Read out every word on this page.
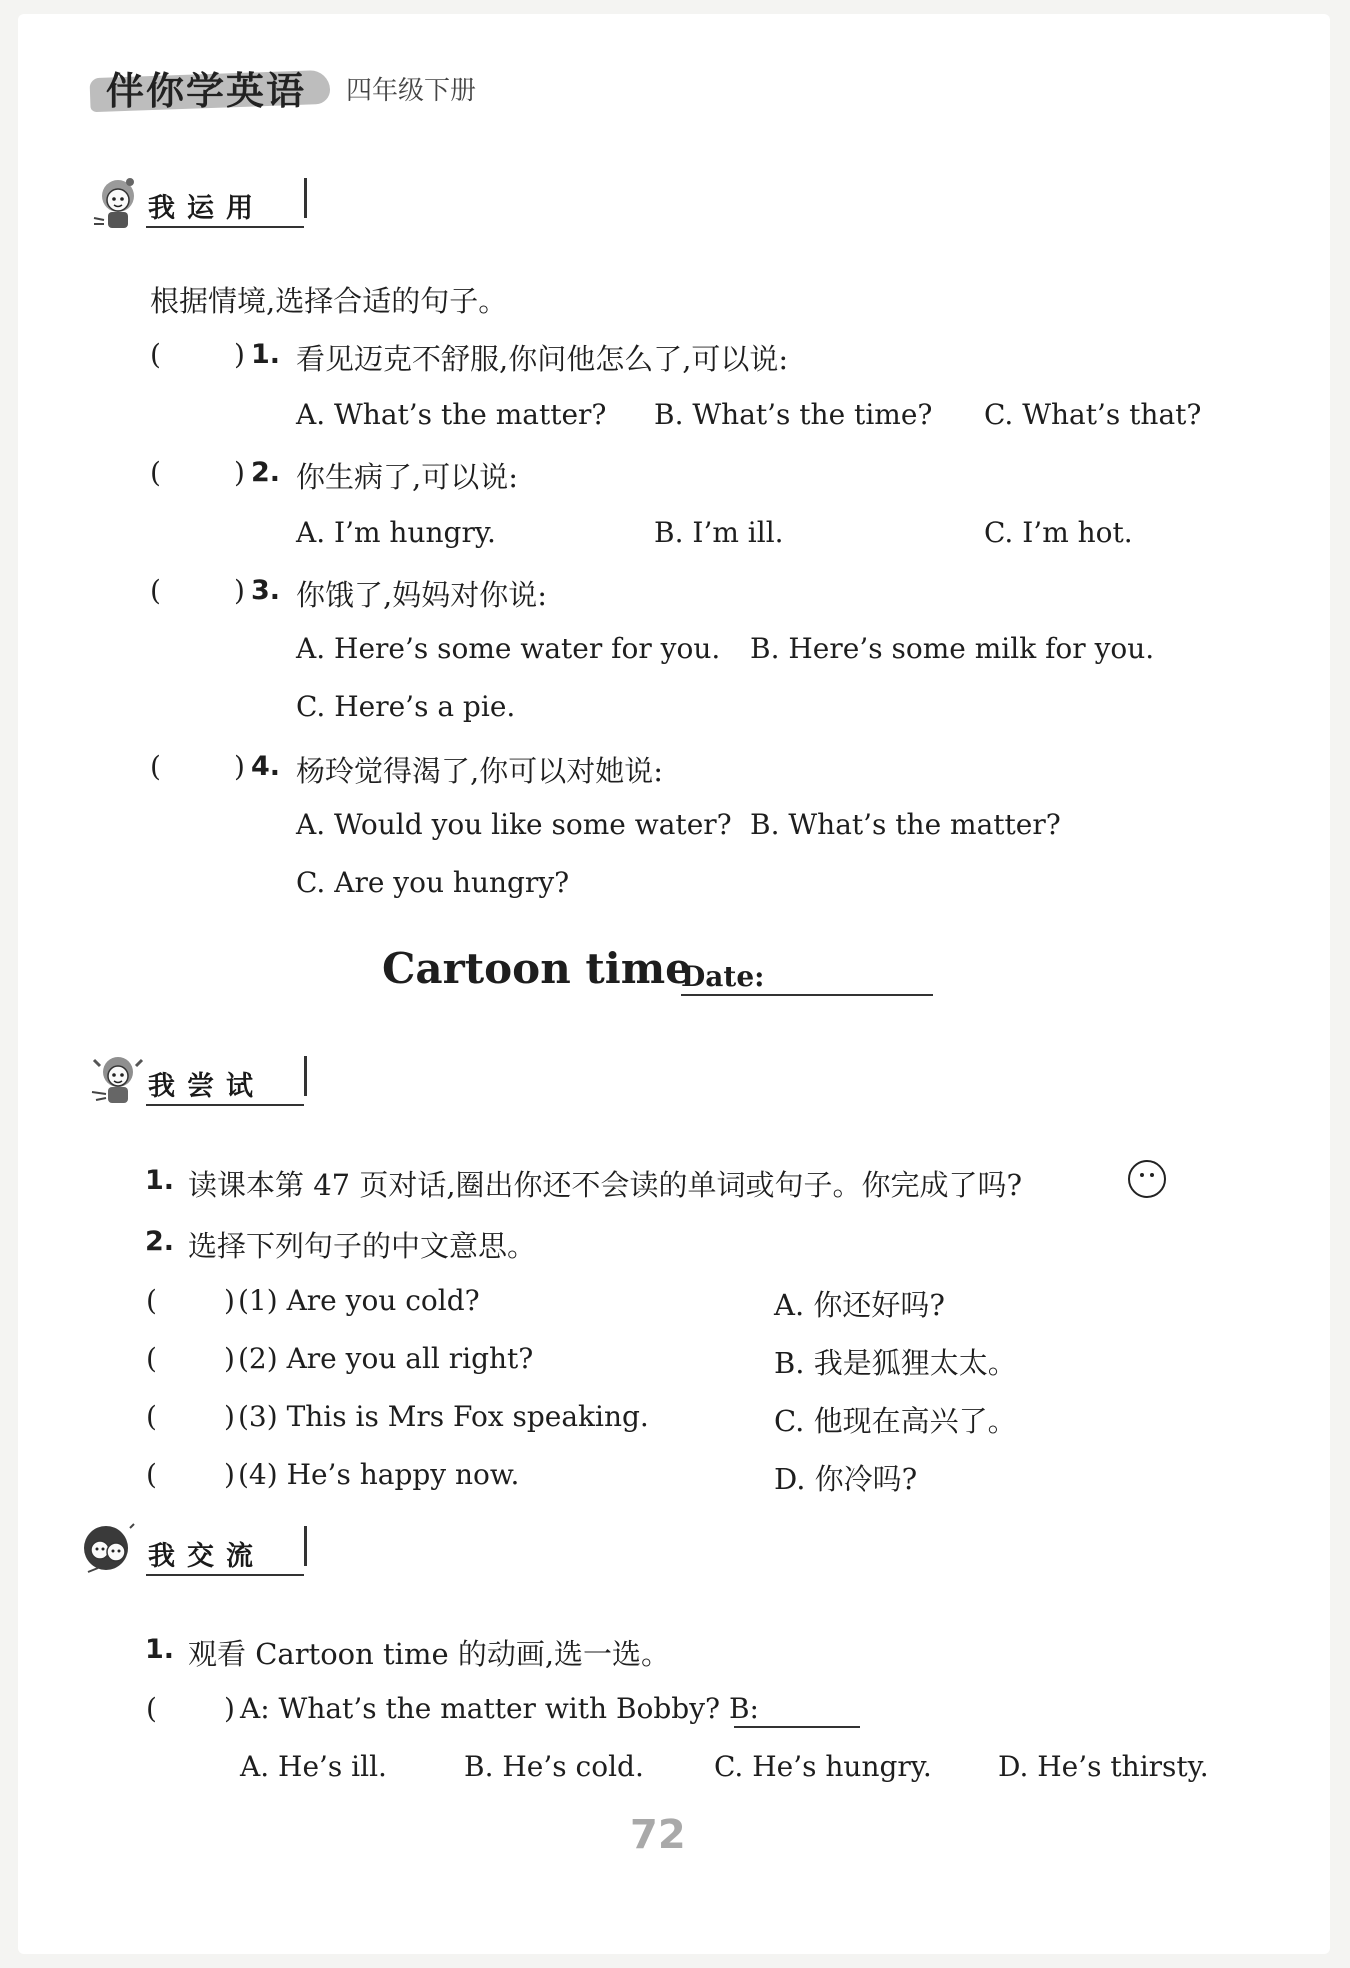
伴你学英语 四年级下册
我运用
根据情境,选择合适的句子。
(	) 1. 看见迈克不舒服,你问他怎么了,可以说:
A. What’s the matter? B. What’s the time? C. What’s that?
(	) 2. 你生病了,可以说:
A. I’m hungry.	B. I’m ill.	C. I’m hot.
(	) 3. 你饿了,妈妈对你说:
A. Here’s some water for you. B. Here’s some milk for you.
C. Here’s a pie.
(	) 4. 杨玲觉得渴了,你可以对她说:
A. Would you like some water? B. What’s the matter?
C. Are you hungry?
Cartoon time
Date:
我尝试
1. 读课本第 47 页对话,圈出你还不会读的单词或句子。你完成了吗?
2. 选择下列句子的中文意思。
( ) (1) Are you cold?	A. 你还好吗?
( ) (2) Are you all right?	B. 我是狐狸太太。
( ) (3) This is Mrs Fox speaking.	C. 他现在高兴了。
( ) (4) He’s happy now.	D. 你冷吗?
我交流
1. 观看 Cartoon time 的动画,选一选。
( ) A: What’s the matter with Bobby? B:
A. He’s ill.	B. He’s cold.	C. He’s hungry. D. He’s thirsty.
72
